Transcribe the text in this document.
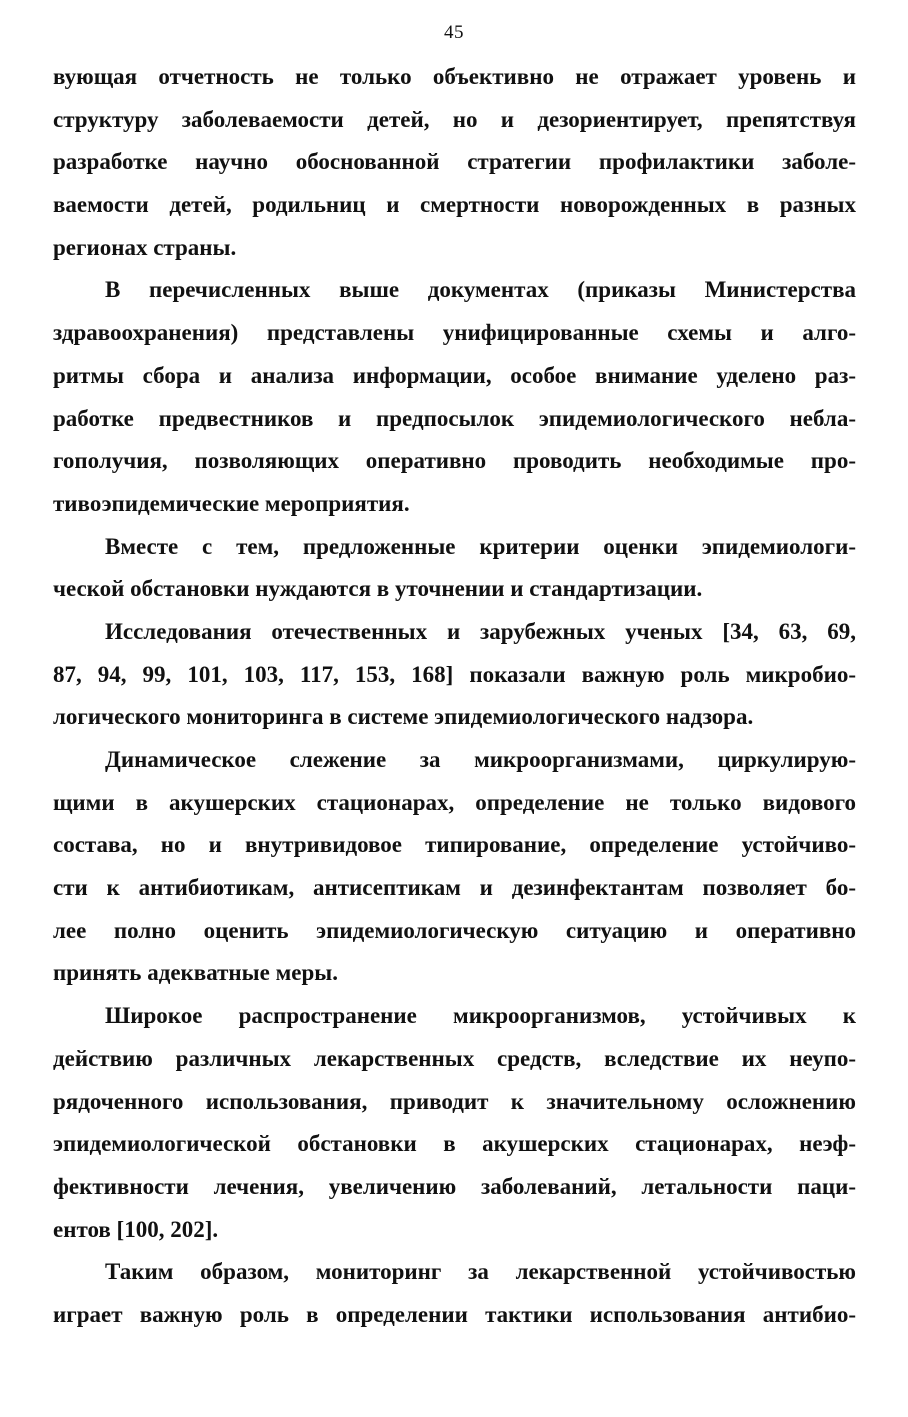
45
вующая отчетность не только объективно не отражает уровень и
структуру заболеваемости детей, но и дезориентирует, препятствуя
разработке научно обоснованной стратегии профилактики заболе-
ваемости детей, родильниц и смертности новорожденных в разных
регионах страны.
В перечисленных выше документах (приказы Министерства
здравоохранения) представлены унифицированные схемы и алго-
ритмы сбора и анализа информации, особое внимание уделено раз-
работке предвестников и предпосылок эпидемиологического небла-
гополучия, позволяющих оперативно проводить необходимые про-
тивоэпидемические мероприятия.
Вместе с тем, предложенные критерии оценки эпидемиологи-
ческой обстановки нуждаются в уточнении и стандартизации.
Исследования отечественных и зарубежных ученых [34, 63, 69,
87, 94, 99, 101, 103, 117, 153, 168] показали важную роль микробио-
логического мониторинга в системе эпидемиологического надзора.
Динамическое слежение за микроорганизмами, циркулирую-
щими в акушерских стационарах, определение не только видового
состава, но и внутривидовое типирование, определение устойчиво-
сти к антибиотикам, антисептикам и дезинфектантам позволяет бо-
лее полно оценить эпидемиологическую ситуацию и оперативно
принять адекватные меры.
Широкое распространение микроорганизмов, устойчивых к
действию различных лекарственных средств, вследствие их неупо-
рядоченного использования, приводит к значительному осложнению
эпидемиологической обстановки в акушерских стационарах, неэф-
фективности лечения, увеличению заболеваний, летальности паци-
ентов [100, 202].
Таким образом, мониторинг за лекарственной устойчивостью
играет важную роль в определении тактики использования антибио-
